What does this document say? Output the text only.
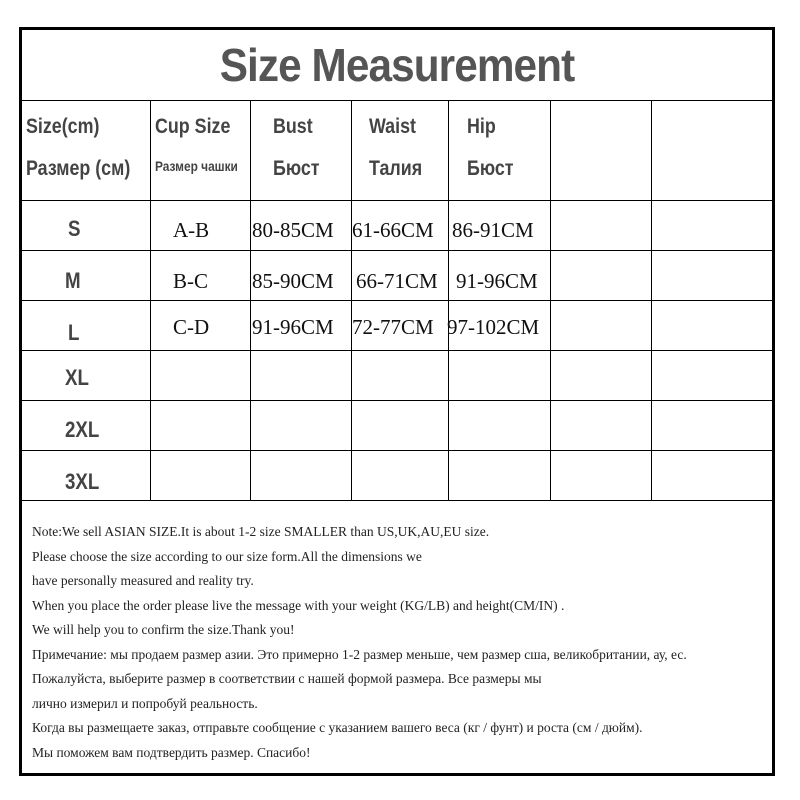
Size Measurement
Size(cm)
Размер (см)
Cup Size
Размер чашки
Bust
Бюст
Waist
Талия
Hip
Бюст
S
M
L
XL
2XL
3XL
A-B 80-85CM 61-66CM 86-91CM
B-C 85-90CM 66-71CM 91-96CM
C-D 91-96CM 72-77CM 97-102CM
Note:We sell ASIAN SIZE.It is about 1-2 size SMALLER than US,UK,AU,EU size.
Please choose the size according to our size form.All the dimensions we
have personally measured and reality try.
When you place the order please live the message with your weight (KG/LB) and height(CM/IN) .
We will help you to confirm the size.Thank you!
Примечание: мы продаем размер азии. Это примерно 1-2 размер меньше, чем размер сша, великобритании, ау, ес.
Пожалуйста, выберите размер в соответствии с нашей формой размера. Все размеры мы
лично измерил и попробуй реальность.
Когда вы размещаете заказ, отправьте сообщение с указанием вашего веса (кг / фунт) и роста (см / дюйм).
Мы поможем вам подтвердить размер. Спасибо!
